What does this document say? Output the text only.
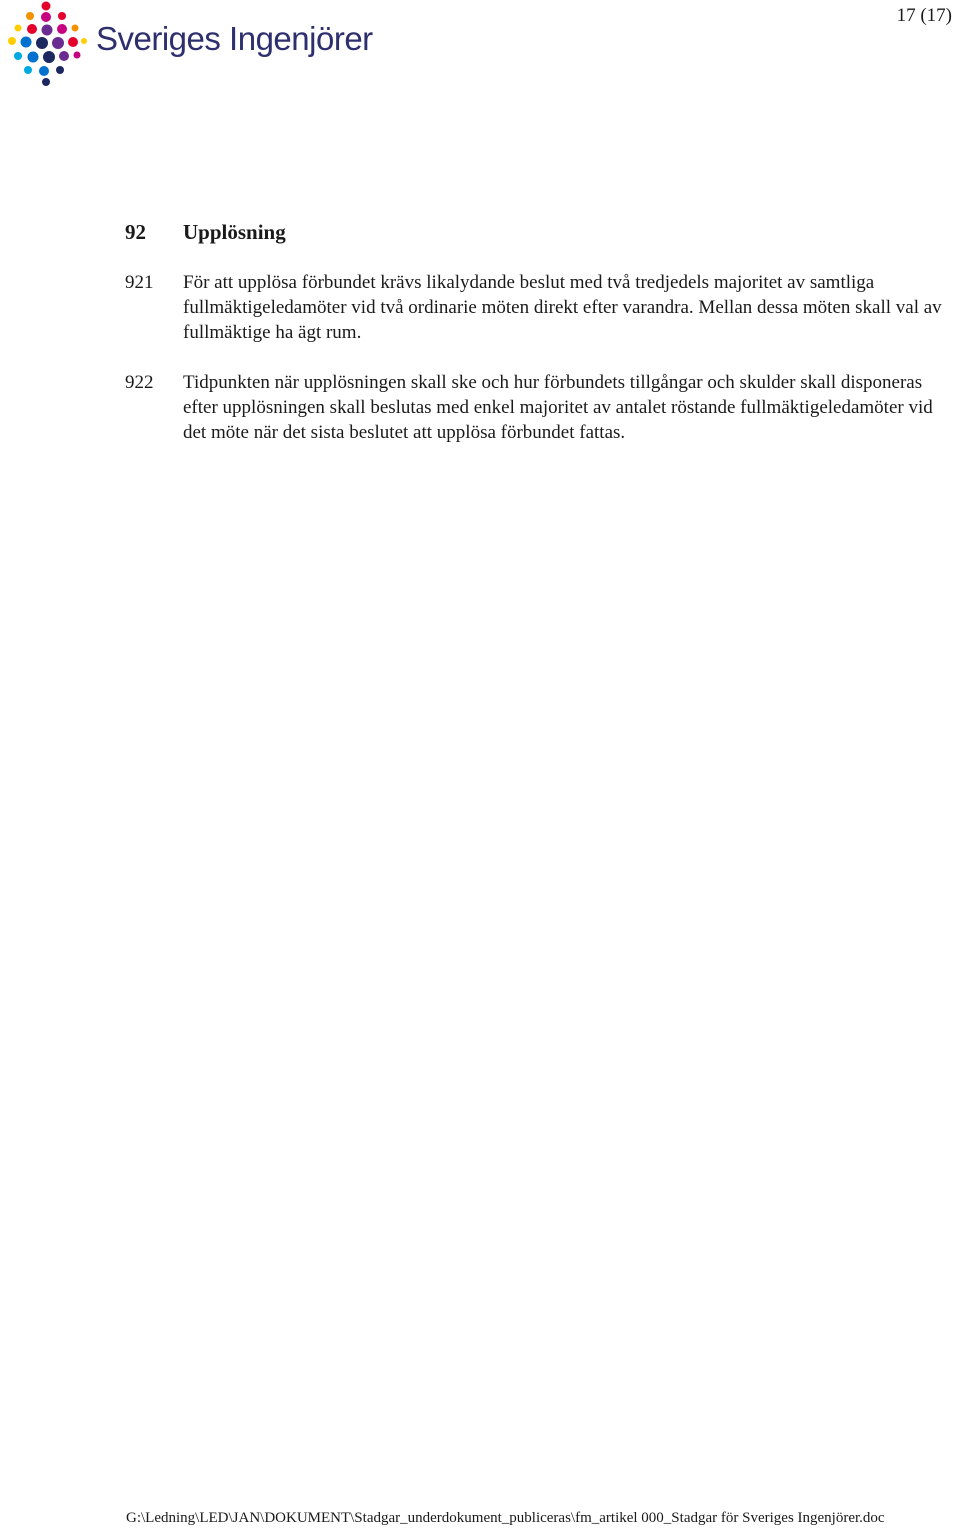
Sveriges Ingenjörer
17 (17)
92 Upplösning
921 För att upplösa förbundet krävs likalydande beslut med två tredjedels majoritet av samtliga fullmäktigeledamöter vid två ordinarie möten direkt efter varandra. Mellan dessa möten skall val av fullmäktige ha ägt rum.
922 Tidpunkten när upplösningen skall ske och hur förbundets tillgångar och skulder skall disponeras efter upplösningen skall beslutas med enkel majoritet av antalet röstande fullmäktigeledamöter vid det möte när det sista beslutet att upplösa förbundet fattas.
G:\Ledning\LED\JAN\DOKUMENT\Stadgar_underdokument_publiceras\fm_artikel 000_Stadgar för Sveriges Ingenjörer.doc
